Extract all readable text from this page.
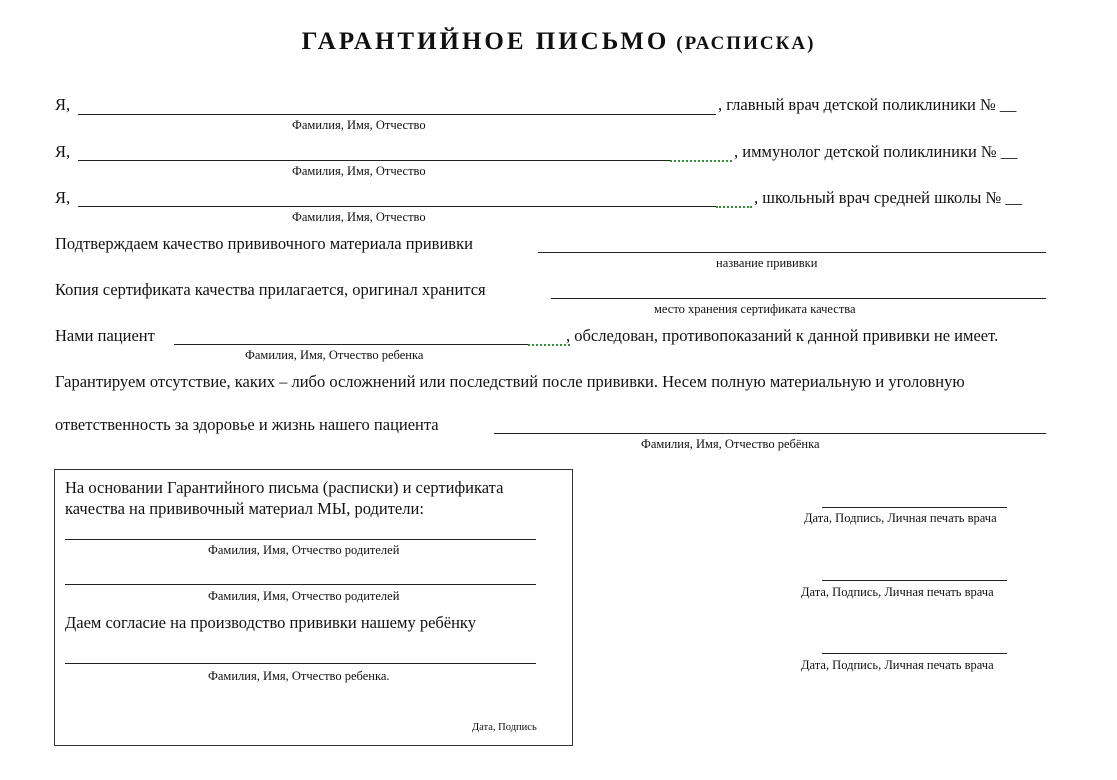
ГАРАНТИЙНОЕ ПИСЬМО (РАСПИСКА)
Я,	, главный врач детской поликлиники № __
Фамилия, Имя, Отчество
Я,	, иммунолог детской поликлиники № __
Фамилия, Имя, Отчество
Я,	, школьный врач средней школы № __
Фамилия, Имя, Отчество
Подтверждаем качество прививочного материала прививки
название прививки
Копия сертификата качества прилагается, оригинал хранится
место хранения сертификата качества
Нами пациент	, обследован, противопоказаний к данной прививки не имеет.
Фамилия, Имя, Отчество ребенка
Гарантируем отсутствие, каких – либо осложнений или последствий после прививки. Несем полную материальную и уголовную
ответственность за здоровье и жизнь нашего пациента
Фамилия, Имя, Отчество ребёнка
На основании Гарантийного письма (расписки) и сертификата
качества на прививочный материал МЫ, родители:
Фамилия, Имя, Отчество родителей
Фамилия, Имя, Отчество родителей
Даем согласие на производство прививки нашему ребёнку
Фамилия, Имя, Отчество ребенка.
Дата, Подпись
Дата, Подпись, Личная печать врача
Дата, Подпись, Личная печать врача
Дата, Подпись, Личная печать врача
